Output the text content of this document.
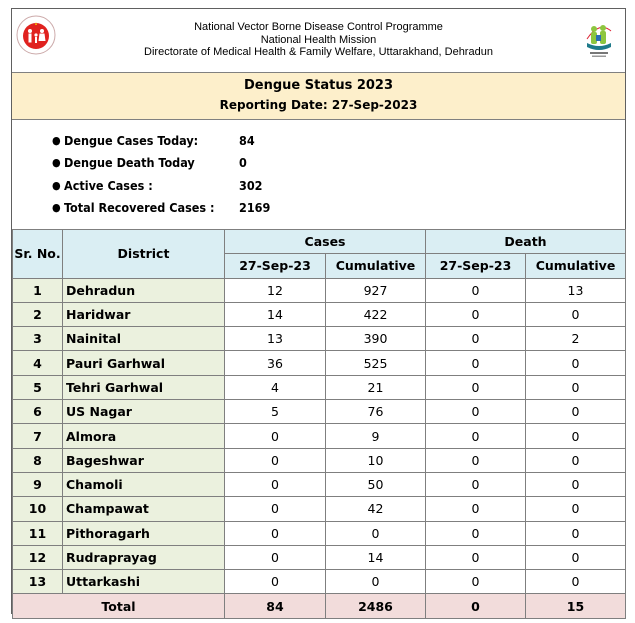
National Vector Borne Disease Control Programme
National Health Mission
Directorate of Medical Health & Family Welfare, Uttarakhand, Dehradun
Dengue Status 2023
Reporting Date: 27-Sep-2023
● Dengue Cases Today:	84
● Dengue Death Today	0
● Active Cases :	302
● Total Recovered Cases :	2169
Sr. No.	District	Cases		Death	
		27-Sep-23	Cumulative	27-Sep-23	Cumulative
1	Dehradun	12	927	0	13
2	Haridwar	14	422	0	0
3	Nainital	13	390	0	2
4	Pauri Garhwal	36	525	0	0
5	Tehri Garhwal	4	21	0	0
6	US Nagar	5	76	0	0
7	Almora	0	9	0	0
8	Bageshwar	0	10	0	0
9	Chamoli	0	50	0	0
10	Champawat	0	42	0	0
11	Pithoragarh	0	0	0	0
12	Rudraprayag	0	14	0	0
13	Uttarkashi	0	0	0	0
Total		84	2486	0	15
